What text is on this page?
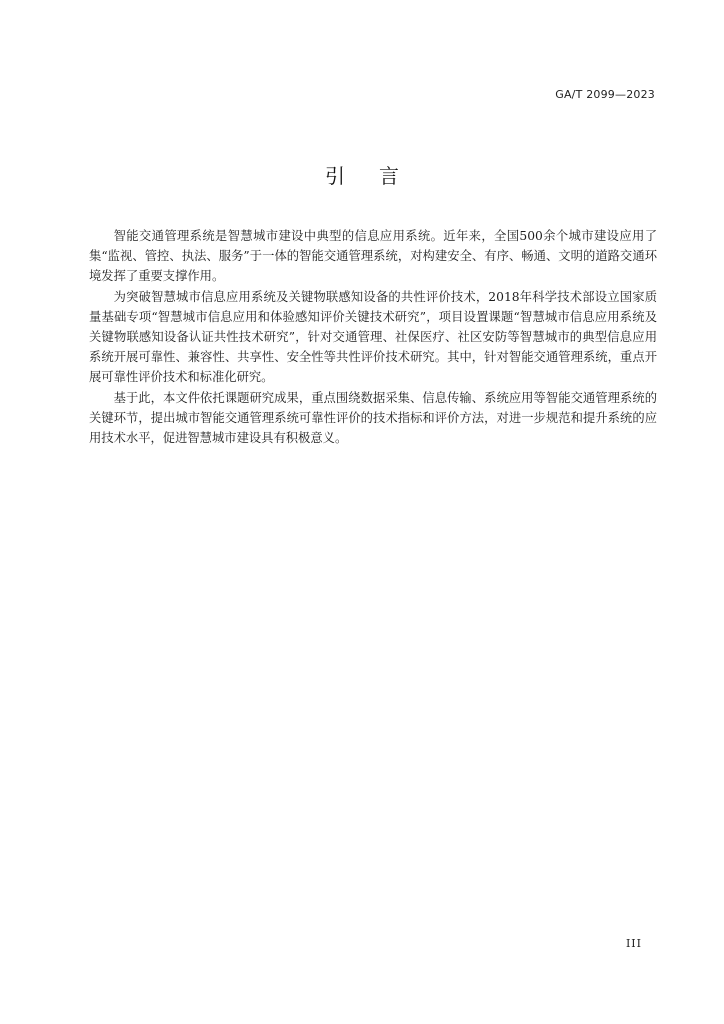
GA/T 2099—2023
引言

智能交通管理系统是智慧城市建设中典型的信息应用系统。近年来，全国500余个城市建设应用了集“监视、管控、执法、服务”于一体的智能交通管理系统，对构建安全、有序、畅通、文明的道路交通环境发挥了重要支撑作用。

为突破智慧城市信息应用系统及关键物联感知设备的共性评价技术，2018年科学技术部设立国家质量基础专项“智慧城市信息应用和体验感知评价关键技术研究”，项目设置课题“智慧城市信息应用系统及关键物联感知设备认证共性技术研究”，针对交通管理、社保医疗、社区安防等智慧城市的典型信息应用系统开展可靠性、兼容性、共享性、安全性等共性评价技术研究。其中，针对智能交通管理系统，重点开展可靠性评价技术和标准化研究。

基于此，本文件依托课题研究成果，重点围绕数据采集、信息传输、系统应用等智能交通管理系统的关键环节，提出城市智能交通管理系统可靠性评价的技术指标和评价方法，对进一步规范和提升系统的应用技术水平，促进智慧城市建设具有积极意义。

III
